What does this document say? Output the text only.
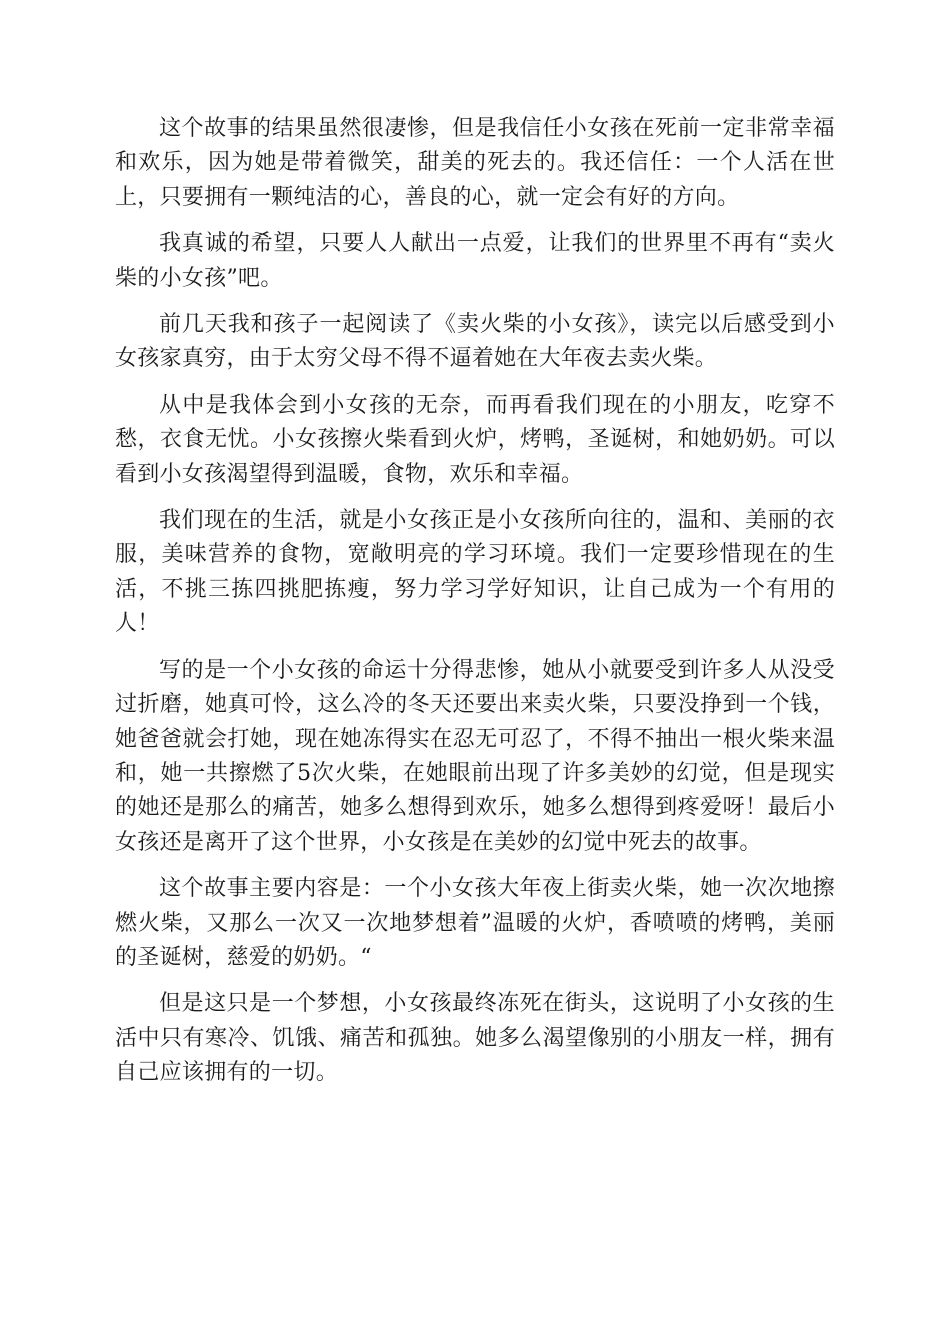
这个故事的结果虽然很凄惨，但是我信任小女孩在死前一定非常幸福和欢乐，因为她是带着微笑，甜美的死去的。我还信任：一个人活在世上，只要拥有一颗纯洁的心，善良的心，就一定会有好的方向。

我真诚的希望，只要人人献出一点爱，让我们的世界里不再有“卖火柴的小女孩”吧。

前几天我和孩子一起阅读了《卖火柴的小女孩》，读完以后感受到小女孩家真穷，由于太穷父母不得不逼着她在大年夜去卖火柴。

从中是我体会到小女孩的无奈，而再看我们现在的小朋友，吃穿不愁，衣食无忧。小女孩擦火柴看到火炉，烤鸭，圣诞树，和她奶奶。可以看到小女孩渴望得到温暖，食物，欢乐和幸福。

我们现在的生活，就是小女孩正是小女孩所向往的，温和、美丽的衣服，美味营养的食物，宽敞明亮的学习环境。我们一定要珍惜现在的生活，不挑三拣四挑肥拣瘦，努力学习学好知识，让自己成为一个有用的人！

写的是一个小女孩的命运十分得悲惨，她从小就要受到许多人从没受过折磨，她真可怜，这么冷的冬天还要出来卖火柴，只要没挣到一个钱，她爸爸就会打她，现在她冻得实在忍无可忍了，不得不抽出一根火柴来温和，她一共擦燃了5次火柴，在她眼前出现了许多美妙的幻觉，但是现实的她还是那么的痛苦，她多么想得到欢乐，她多么想得到疼爱呀！最后小女孩还是离开了这个世界，小女孩是在美妙的幻觉中死去的故事。

这个故事主要内容是：一个小女孩大年夜上街卖火柴，她一次次地擦燃火柴，又那么一次又一次地梦想着”温暖的火炉，香喷喷的烤鸭，美丽的圣诞树，慈爱的奶奶。“

但是这只是一个梦想，小女孩最终冻死在街头，这说明了小女孩的生活中只有寒冷、饥饿、痛苦和孤独。她多么渴望像别的小朋友一样，拥有自己应该拥有的一切。
